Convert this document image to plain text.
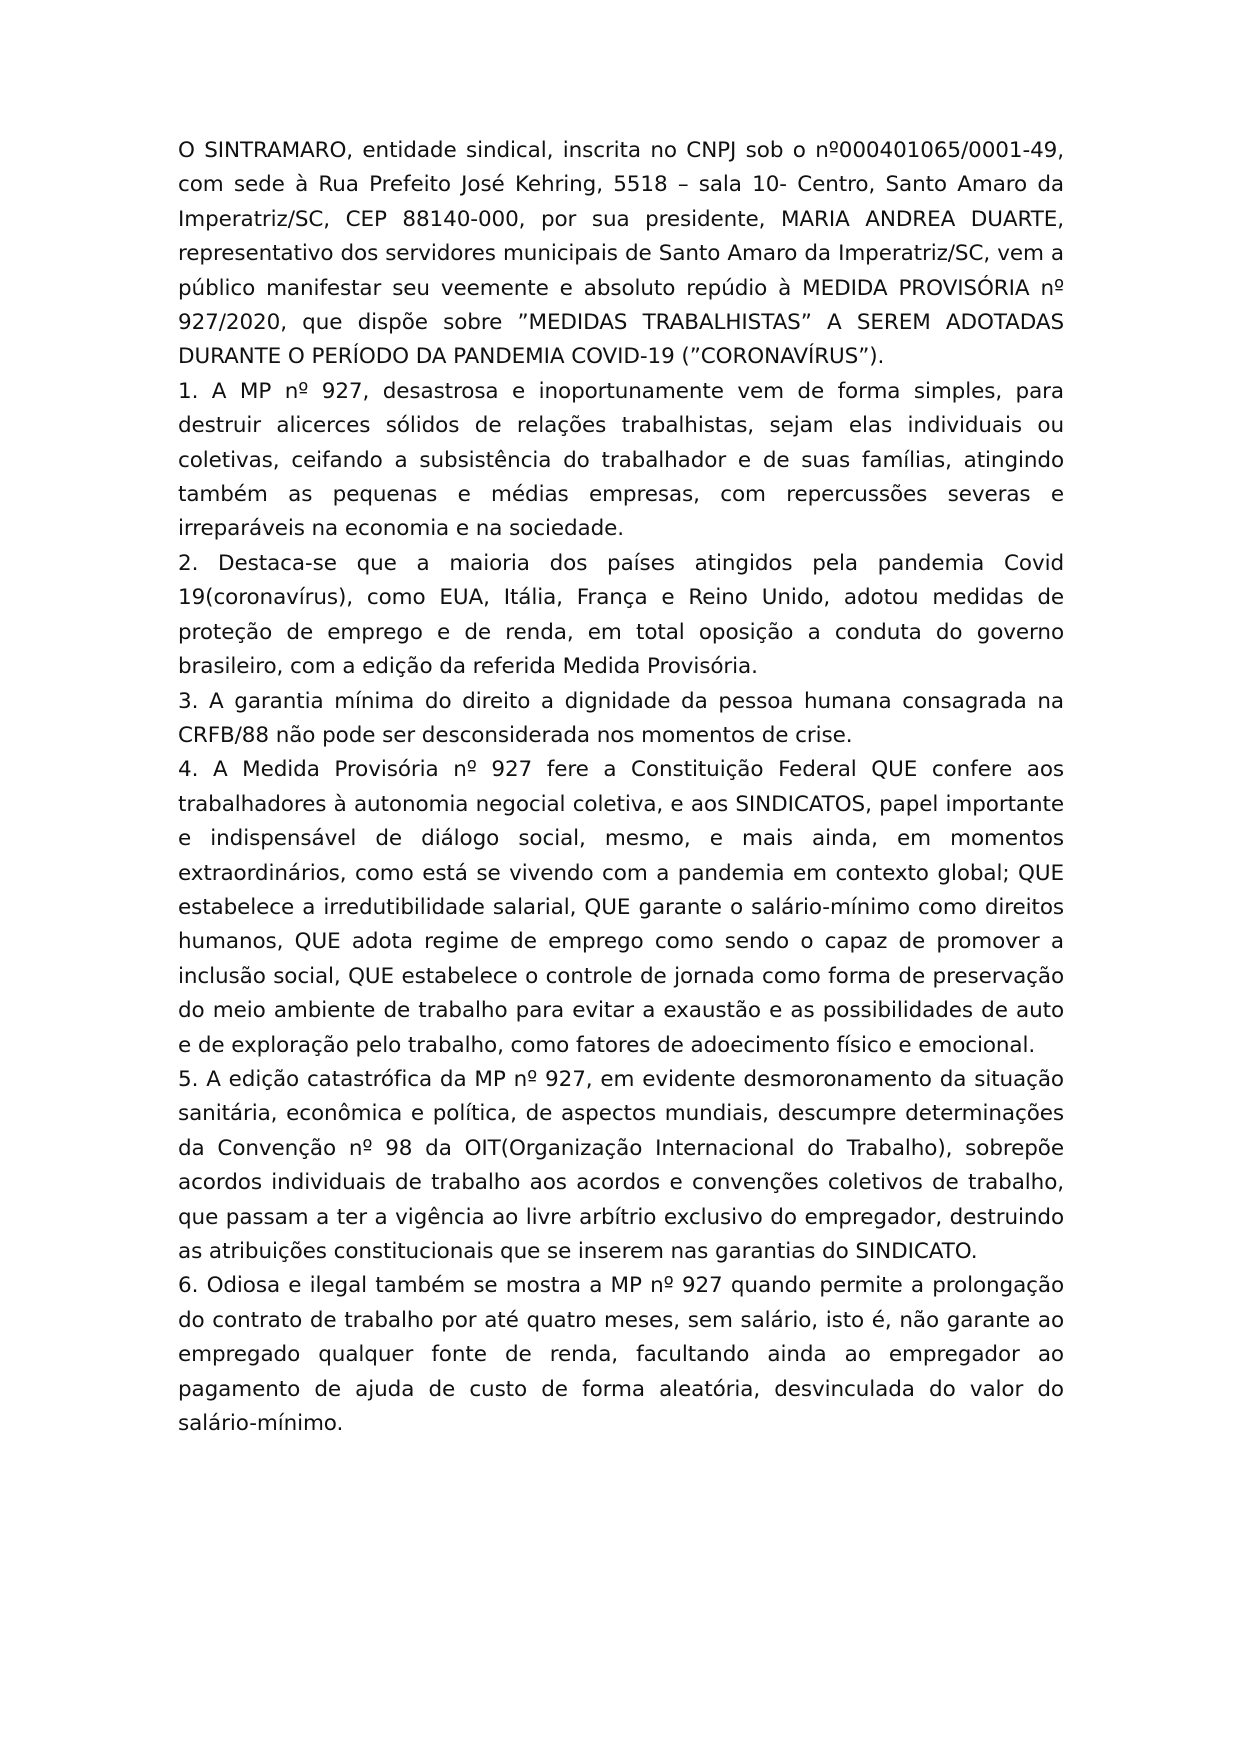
O SINTRAMARO, entidade sindical, inscrita no CNPJ sob o nº000401065/0001-49, com sede à Rua Prefeito José Kehring, 5518 – sala 10- Centro, Santo Amaro da Imperatriz/SC, CEP 88140-000, por sua presidente, MARIA ANDREA DUARTE, representativo dos servidores municipais de Santo Amaro da Imperatriz/SC, vem a público manifestar seu veemente e absoluto repúdio à MEDIDA PROVISÓRIA nº 927/2020, que dispõe sobre ”MEDIDAS TRABALHISTAS” A SEREM ADOTADAS DURANTE O PERÍODO DA PANDEMIA COVID-19 (”CORONAVÍRUS”).

1. A MP nº 927, desastrosa e inoportunamente vem de forma simples, para destruir alicerces sólidos de relações trabalhistas, sejam elas individuais ou coletivas, ceifando a subsistência do trabalhador e de suas famílias, atingindo também as pequenas e médias empresas, com repercussões severas e irreparáveis na economia e na sociedade.

2. Destaca-se que a maioria dos países atingidos pela pandemia Covid 19(coronavírus), como EUA, Itália, França e Reino Unido, adotou medidas de proteção de emprego e de renda, em total oposição a conduta do governo brasileiro, com a edição da referida Medida Provisória.

3. A garantia mínima do direito a dignidade da pessoa humana consagrada na CRFB/88 não pode ser desconsiderada nos momentos de crise.

4. A Medida Provisória nº 927 fere a Constituição Federal QUE confere aos trabalhadores à autonomia negocial coletiva, e aos SINDICATOS, papel importante e indispensável de diálogo social, mesmo, e mais ainda, em momentos extraordinários, como está se vivendo com a pandemia em contexto global; QUE estabelece a irredutibilidade salarial, QUE garante o salário-mínimo como direitos humanos, QUE adota regime de emprego como sendo o capaz de promover a inclusão social, QUE estabelece o controle de jornada como forma de preservação do meio ambiente de trabalho para evitar a exaustão e as possibilidades de auto e de exploração pelo trabalho, como fatores de adoecimento físico e emocional.

5. A edição catastrófica da MP nº 927, em evidente desmoronamento da situação sanitária, econômica e política, de aspectos mundiais, descumpre determinações da Convenção nº 98 da OIT(Organização Internacional do Trabalho), sobrepõe acordos individuais de trabalho aos acordos e convenções coletivos de trabalho, que passam a ter a vigência ao livre arbítrio exclusivo do empregador, destruindo as atribuições constitucionais que se inserem nas garantias do SINDICATO.

6. Odiosa e ilegal também se mostra a MP nº 927 quando permite a prolongação do contrato de trabalho por até quatro meses, sem salário, isto é, não garante ao empregado qualquer fonte de renda, facultando ainda ao empregador ao pagamento de ajuda de custo de forma aleatória, desvinculada do valor do salário-mínimo.
